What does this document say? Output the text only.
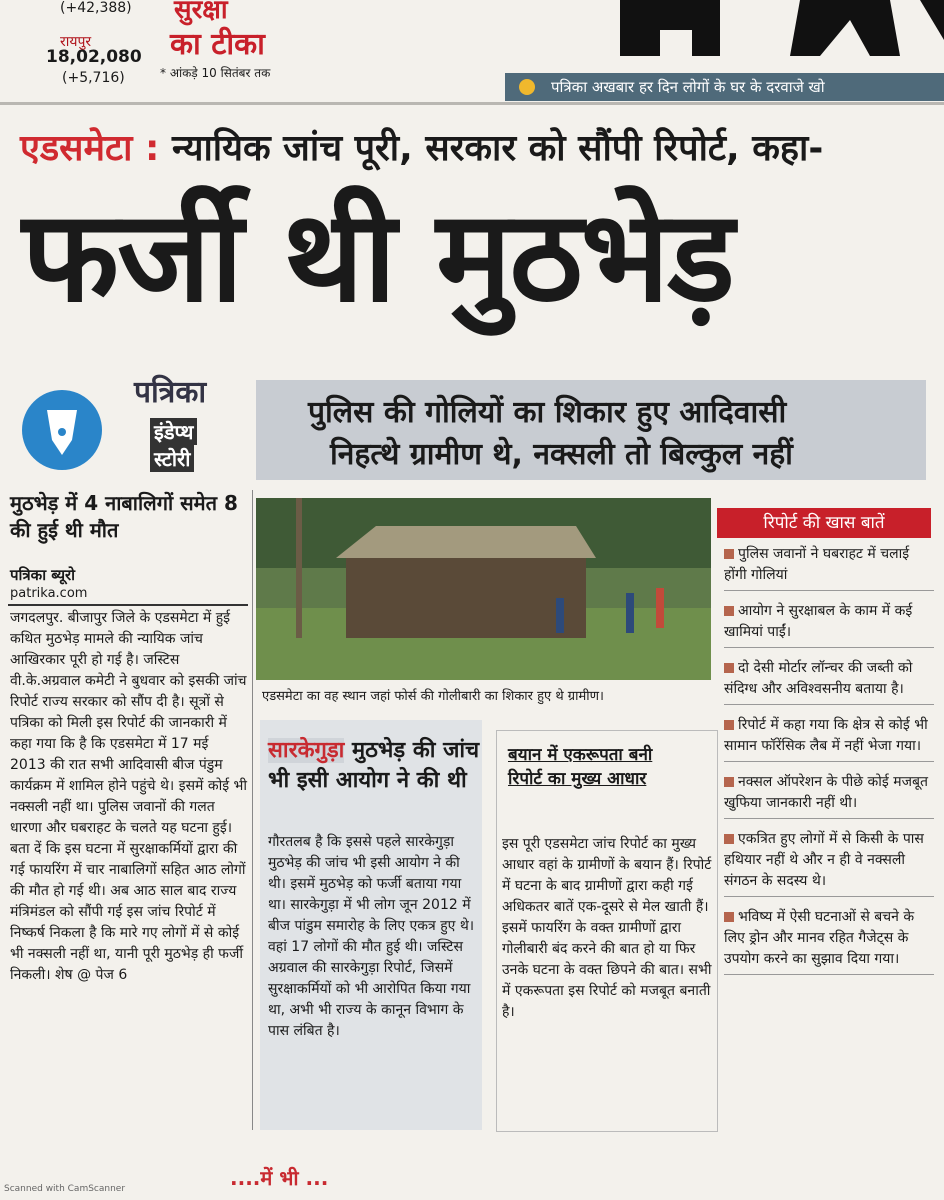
(+42,388)
रायपुर
18,02,080
(+5,716)
सुरक्षा
का टीका
* आंकड़े 10 सितंबर तक
पत्रिका अखबार हर दिन लोगों के घर के दरवाजे खो
एडसमेटा : न्यायिक जांच पूरी, सरकार को सौंपी रिपोर्ट, कहा-
फर्जी थी मुठभेड़
पत्रिका
इंडेप्थ
स्टोरी
पुलिस की गोलियों का शिकार हुए आदिवासी
निहत्थे ग्रामीण थे, नक्सली तो बिल्कुल नहीं
मुठभेड़ में 4 नाबालिगों समेत 8 की हुई थी मौत
पत्रिका ब्यूरो
patrika.com
जगदलपुर. बीजापुर जिले के एडसमेटा में हुई कथित मुठभेड़ मामले की न्यायिक जांच आखिरकार पूरी हो गई है। जस्टिस वी.के.अग्रवाल कमेटी ने बुधवार को इसकी जांच रिपोर्ट राज्य सरकार को सौंप दी है। सूत्रों से पत्रिका को मिली इस रिपोर्ट की जानकारी में कहा गया कि है कि एडसमेटा में 17 मई 2013 की रात सभी आदिवासी बीज पंडुम कार्यक्रम में शामिल होने पहुंचे थे। इसमें कोई भी नक्सली नहीं था। पुलिस जवानों की गलत धारणा और घबराहट के चलते यह घटना हुई। बता दें कि इस घटना में सुरक्षाकर्मियों द्वारा की गई फायरिंग में चार नाबालिगों सहित आठ लोगों की मौत हो गई थी। अब आठ साल बाद राज्य मंत्रिमंडल को सौंपी गई इस जांच रिपोर्ट में निष्कर्ष निकला है कि मारे गए लोगों में से कोई भी नक्सली नहीं था, यानी पूरी मुठभेड़ ही फर्जी निकली। शेष @ पेज 6
एडसमेटा का वह स्थान जहां फोर्स की गोलीबारी का शिकार हुए थे ग्रामीण।
सारकेगुड़ा मुठभेड़ की जांच भी इसी आयोग ने की थी
गौरतलब है कि इससे पहले सारकेगुड़ा मुठभेड़ की जांच भी इसी आयोग ने की थी। इसमें मुठभेड़ को फर्जी बताया गया था। सारकेगुड़ा में भी लोग जून 2012 में बीज पांडुम समारोह के लिए एकत्र हुए थे। वहां 17 लोगों की मौत हुई थी। जस्टिस अग्रवाल की सारकेगुड़ा रिपोर्ट, जिसमें सुरक्षाकर्मियों को भी आरोपित किया गया था, अभी भी राज्य के कानून विभाग के पास लंबित है।
बयान में एकरूपता बनी रिपोर्ट का मुख्य आधार
इस पूरी एडसमेटा जांच रिपोर्ट का मुख्य आधार वहां के ग्रामीणों के बयान हैं। रिपोर्ट में घटना के बाद ग्रामीणों द्वारा कही गई अधिकतर बातें एक-दूसरे से मेल खाती हैं। इसमें फायरिंग के वक्त ग्रामीणों द्वारा गोलीबारी बंद करने की बात हो या फिर उनके घटना के वक्त छिपने की बात। सभी में एकरूपता इस रिपोर्ट को मजबूत बनाती है।
रिपोर्ट की खास बातें
पुलिस जवानों ने घबराहट में चलाई होंगी गोलियां
आयोग ने सुरक्षाबल के काम में कई खामियां पाईं।
दो देसी मोर्टार लॉन्चर की जब्ती को संदिग्ध और अविश्वसनीय बताया है।
रिपोर्ट में कहा गया कि क्षेत्र से कोई भी सामान फॉरेंसिक लैब में नहीं भेजा गया।
नक्सल ऑपरेशन के पीछे कोई मजबूत खुफिया जानकारी नहीं थी।
एकत्रित हुए लोगों में से किसी के पास हथियार नहीं थे और न ही वे नक्सली संगठन के सदस्य थे।
भविष्य में ऐसी घटनाओं से बचने के लिए ड्रोन और मानव रहित गैजेट्स के उपयोग करने का सुझाव दिया गया।
....में भी ...
Scanned with CamScanner
